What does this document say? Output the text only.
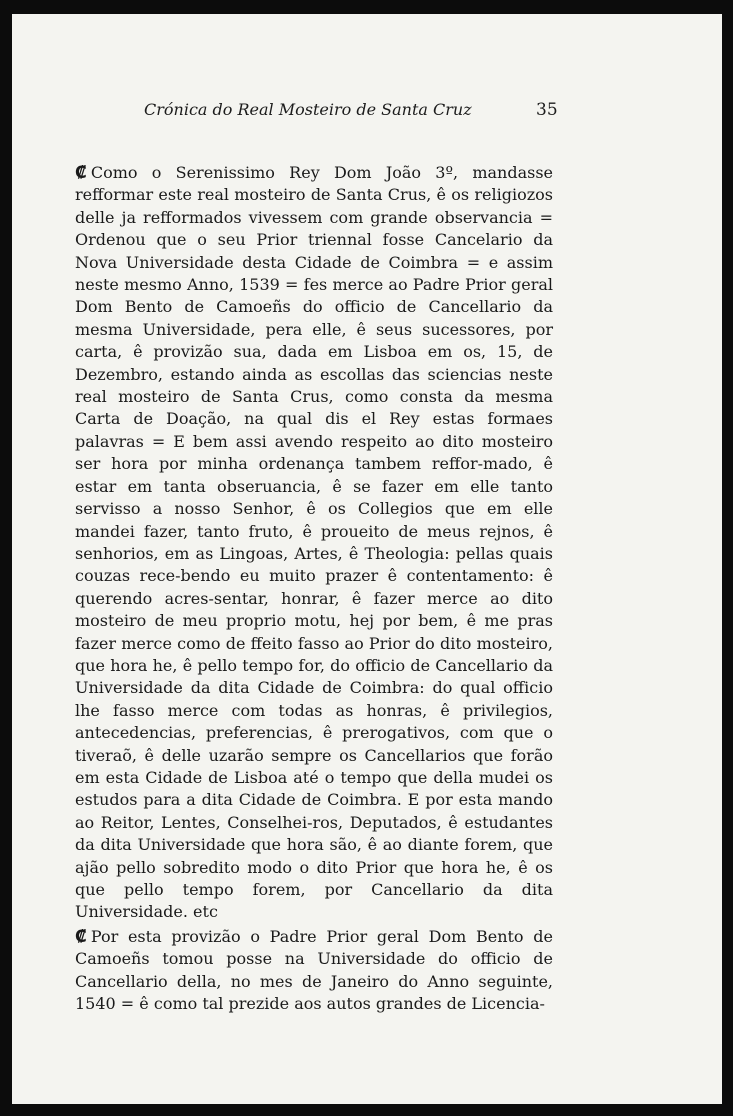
Crónica do Real Mosteiro de Santa Cruz	35

₡ Como o Serenissimo Rey Dom João 3º, mandasse refformar este real mosteiro de Santa Crus, ê os religiozos delle ja refformados vivessem com grande observancia = Ordenou que o seu Prior triennal fosse Cancelario da Nova Universidade desta Cidade de Coimbra = e assim neste mesmo Anno, 1539 = fes merce ao Padre Prior geral Dom Bento de Camoeñs do officio de Cancellario da mesma Universidade, pera elle, ê seus sucessores, por carta, ê provizão sua, dada em Lisboa em os, 15, de Dezembro, estando ainda as escollas das sciencias neste real mosteiro de Santa Crus, como consta da mesma Carta de Doação, na qual dis el Rey estas formaes palavras = E bem assi avendo respeito ao dito mosteiro ser hora por minha ordenança tambem reffor-mado, ê estar em tanta obseruancia, ê se fazer em elle tanto servisso a nosso Senhor, ê os Collegios que em elle mandei fazer, tanto fruto, ê proueito de meus rejnos, ê senhorios, em as Lingoas, Artes, ê Theologia: pellas quais couzas rece-bendo eu muito prazer ê contentamento: ê querendo acres-sentar, honrar, ê fazer merce ao dito mosteiro de meu proprio motu, hej por bem, ê me pras fazer merce como de ffeito fasso ao Prior do dito mosteiro, que hora he, ê pello tempo for, do officio de Cancellario da Universidade da dita Cidade de Coimbra: do qual officio lhe fasso merce com todas as honras, ê privilegios, antecedencias, preferencias, ê prerogativos, com que o tiveraõ, ê delle uzarão sempre os Cancellarios que forão em esta Cidade de Lisboa até o tempo que della mudei os estudos para a dita Cidade de Coimbra. E por esta mando ao Reitor, Lentes, Conselhei-ros, Deputados, ê estudantes da dita Universidade que hora são, ê ao diante forem, que ajão pello sobredito modo o dito Prior que hora he, ê os que pello tempo forem, por Cancellario da dita Universidade. etc

₡ Por esta provizão o Padre Prior geral Dom Bento de Camoeñs tomou posse na Universidade do officio de Cancellario della, no mes de Janeiro do Anno seguinte, 1540 = ê como tal prezide aos autos grandes de Licencia-
